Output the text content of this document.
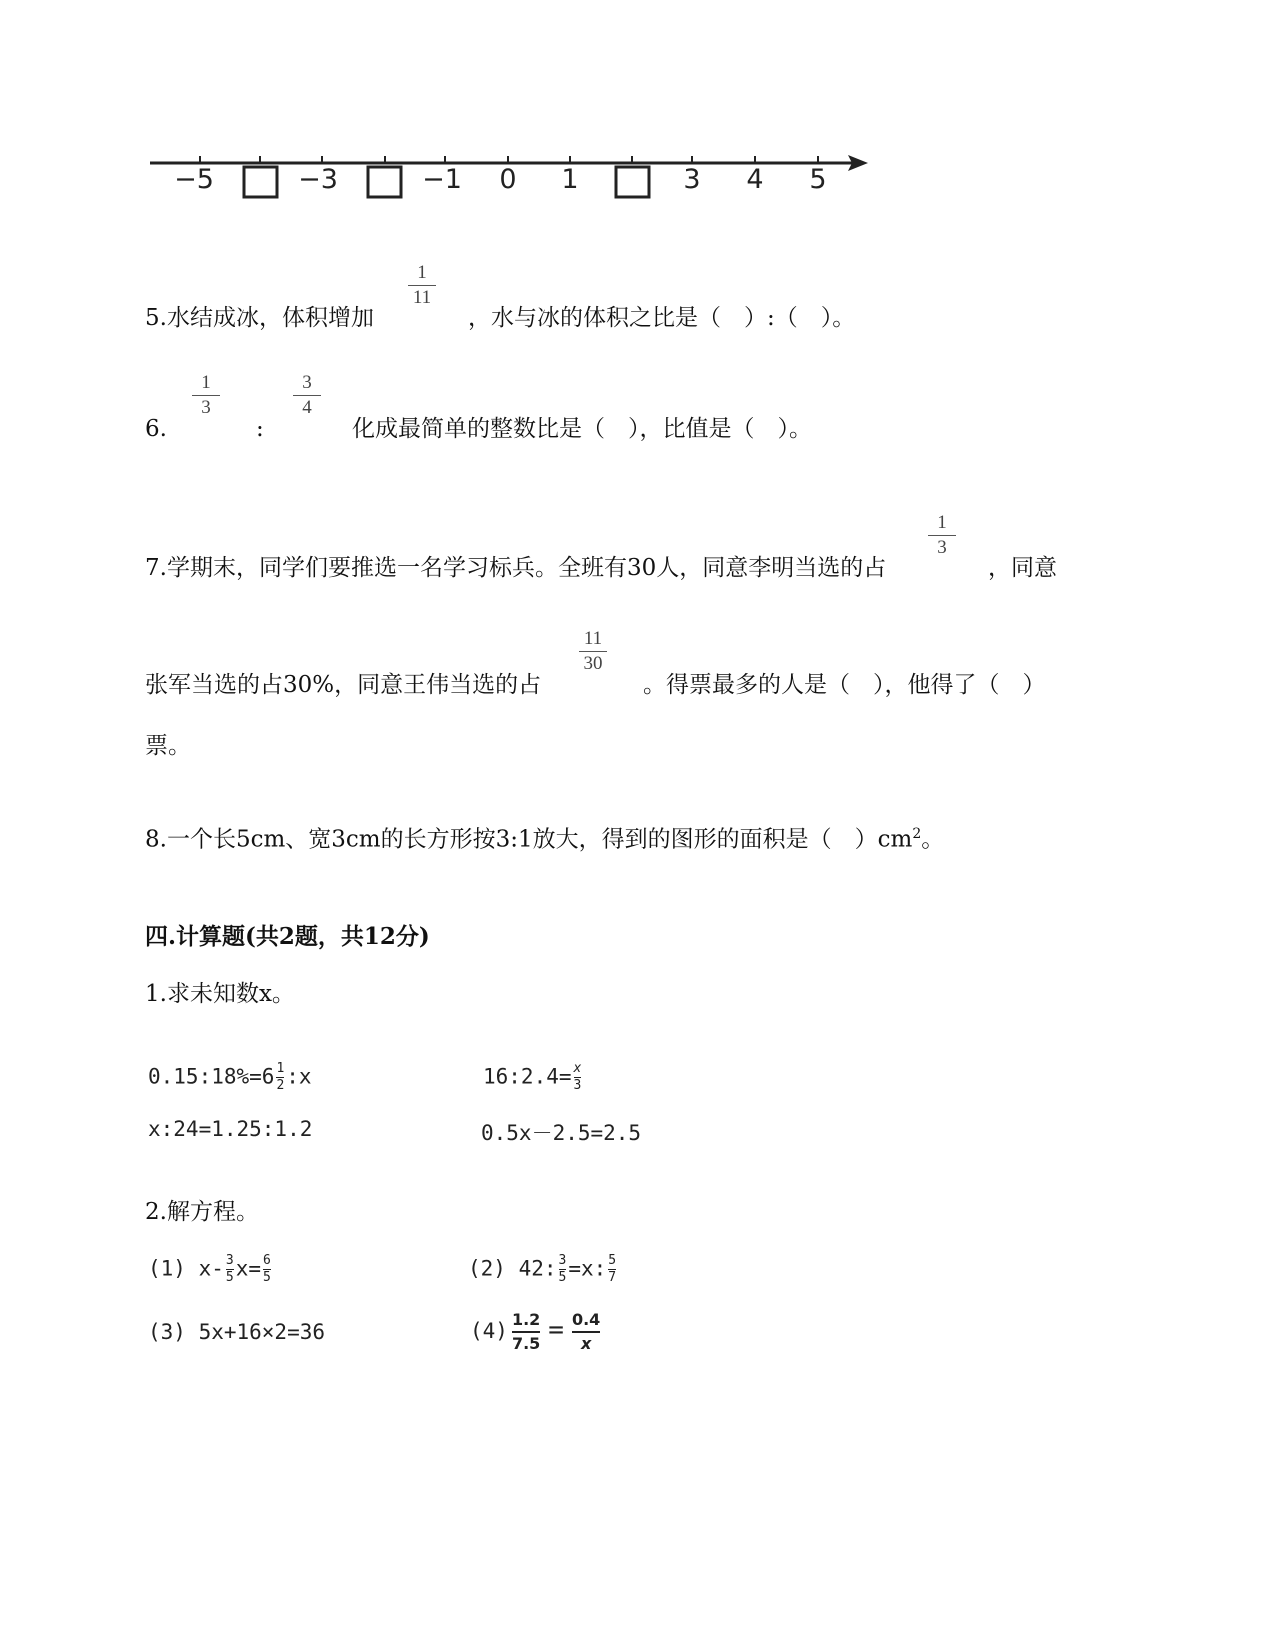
−5	−3	−1 0 1	3 4 5
5.水结成冰，体积增加
1
11
，水与冰的体积之比是（　）:（　）。
6.
1
3
:
3
4
化成最简单的整数比是（　），比值是（　）。
7.学期末，同学们要推选一名学习标兵。全班有30人，同意李明当选的占
1
3
，同意
张军当选的占30%，同意王伟当选的占
11
30
。得票最多的人是（　），他得了（　）
票。
8.一个长5cm、宽3cm的长方形按3:1放大，得到的图形的面积是（　）$cm^2$。
四.计算题(共2题，共12分)
1.求未知数x。
0.15:18%=6 $\frac{1}{2}$ :x	16:2.4= $\frac{x}{3}$
x:24=1.25:1.2	0.5x－2.5=2.5
2.解方程。
(1) $x- \frac{3}{5} x= \frac{6}{5}$	(2) 42: $\frac{3}{5} =x$: $\frac{5}{7}$
(3) 5x+16×2=36	$(4) \frac{1.2}{7.5} = \frac{0.4}{x}$
